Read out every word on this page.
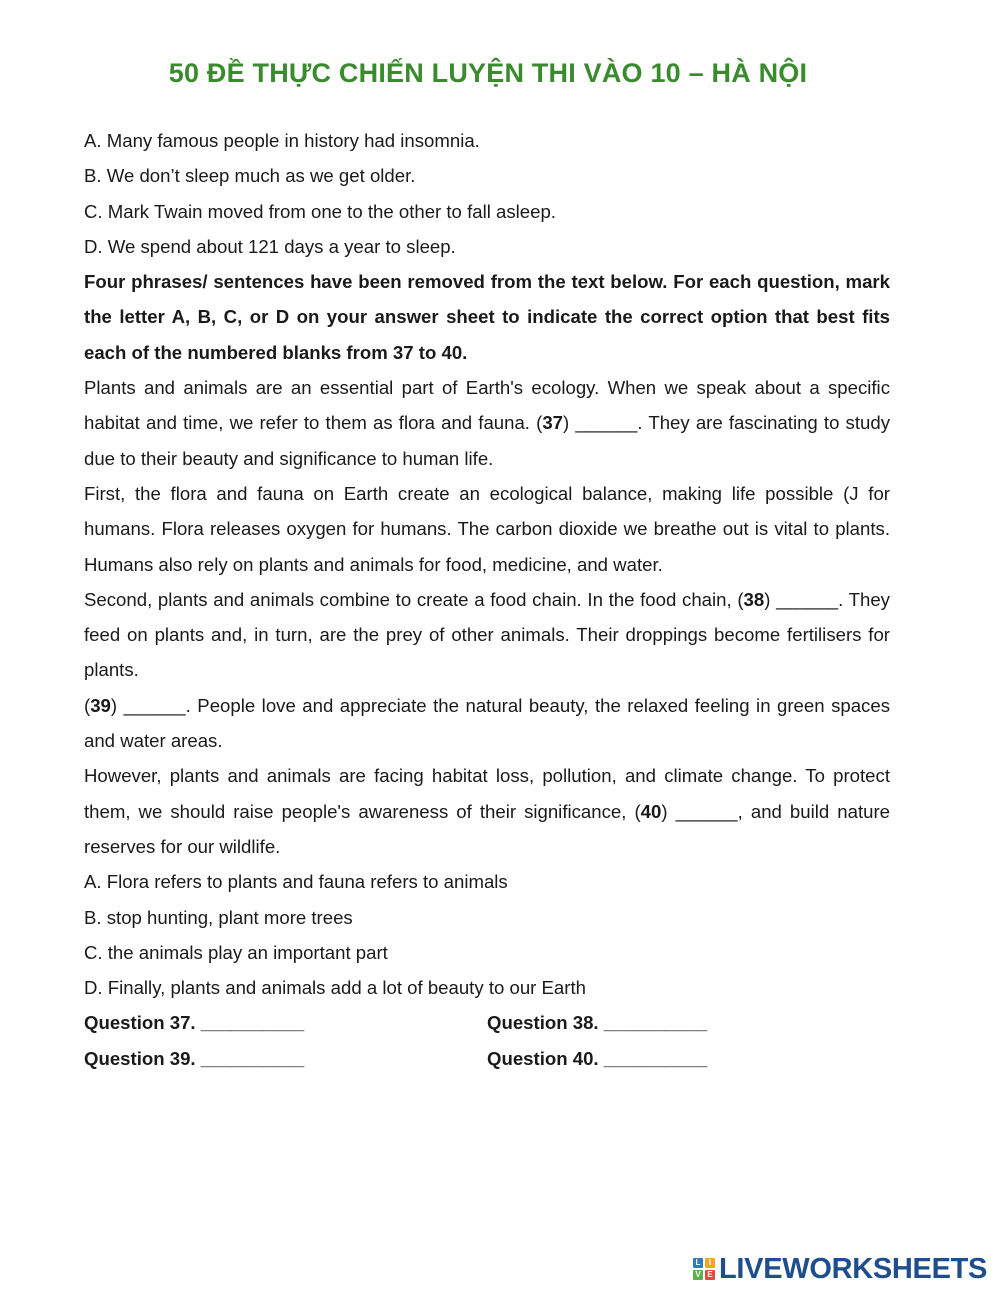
50 ĐỀ THỰC CHIẾN LUYỆN THI VÀO 10 – HÀ NỘI

A. Many famous people in history had insomnia.

B. We don’t sleep much as we get older.

C. Mark Twain moved from one to the other to fall asleep.

D. We spend about 121 days a year to sleep.

Four phrases/ sentences have been removed from the text below. For each question, mark the letter A, B, C, or D on your answer sheet to indicate the correct option that best fits each of the numbered blanks from 37 to 40.

Plants and animals are an essential part of Earth's ecology. When we speak about a specific habitat and time, we refer to them as flora and fauna. (37) ______. They are fascinating to study due to their beauty and significance to human life.

First, the flora and fauna on Earth create an ecological balance, making life possible (J for humans. Flora releases oxygen for humans. The carbon dioxide we breathe out is vital to plants. Humans also rely on plants and animals for food, medicine, and water.

Second, plants and animals combine to create a food chain. In the food chain, (38) ______. They feed on plants and, in turn, are the prey of other animals. Their droppings become fertilisers for plants.

(39) ______. People love and appreciate the natural beauty, the relaxed feeling in green spaces and water areas.

However, plants and animals are facing habitat loss, pollution, and climate change. To protect them, we should raise people's awareness of their significance, (40) ______, and build nature reserves for our wildlife.

A. Flora refers to plants and fauna refers to animals

B. stop hunting, plant more trees

C. the animals play an important part

D. Finally, plants and animals add a lot of beauty to our Earth

Question 37. __________	Question 38. __________
Question 39. __________	Question 40. __________
L	I
V E LIVEWORKSHEETS
